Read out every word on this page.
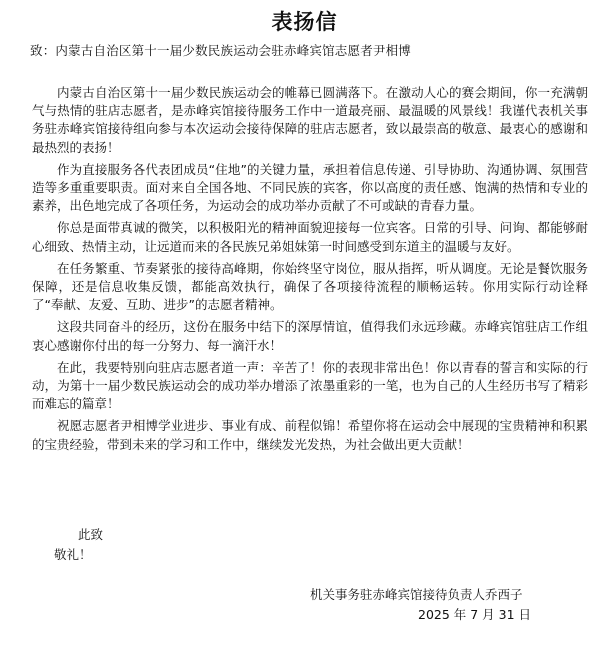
表扬信
致：内蒙古自治区第十一届少数民族运动会驻赤峰宾馆志愿者尹相博

内蒙古自治区第十一届少数民族运动会的帷幕已圆满落下。在激动人心的赛会期间，你一充满朝气与热情的驻店志愿者，是赤峰宾馆接待服务工作中一道最亮丽、最温暖的风景线！我谨代表机关事务驻赤峰宾馆接待组向参与本次运动会接待保障的驻店志愿者，致以最崇高的敬意、最衷心的感谢和最热烈的表扬！

作为直接服务各代表团成员“住地”的关键力量，承担着信息传递、引导协助、沟通协调、氛围营造等多重重要职责。面对来自全国各地、不同民族的宾客，你以高度的责任感、饱满的热情和专业的素养，出色地完成了各项任务，为运动会的成功举办贡献了不可或缺的青春力量。

你总是面带真诚的微笑，以积极阳光的精神面貌迎接每一位宾客。日常的引导、问询、都能够耐心细致、热情主动，让远道而来的各民族兄弟姐妹第一时间感受到东道主的温暖与友好。

在任务繁重、节奏紧张的接待高峰期，你始终坚守岗位，服从指挥，听从调度。无论是餐饮服务保障，还是信息收集反馈，都能高效执行，确保了各项接待流程的顺畅运转。你用实际行动诠释了“奉献、友爱、互助、进步”的志愿者精神。

这段共同奋斗的经历，这份在服务中结下的深厚情谊，值得我们永远珍藏。赤峰宾馆驻店工作组衷心感谢你付出的每一分努力、每一滴汗水！

在此，我要特别向驻店志愿者道一声：辛苦了！你的表现非常出色！你以青春的誓言和实际的行动，为第十一届少数民族运动会的成功举办增添了浓墨重彩的一笔，也为自己的人生经历书写了精彩而难忘的篇章！

祝愿志愿者尹相博学业进步、事业有成、前程似锦！希望你将在运动会中展现的宝贵精神和积累的宝贵经验，带到未来的学习和工作中，继续发光发热，为社会做出更大贡献！

此致
敬礼！
机关事务驻赤峰宾馆接待负责人乔西子
2025 年 7 月 31 日
